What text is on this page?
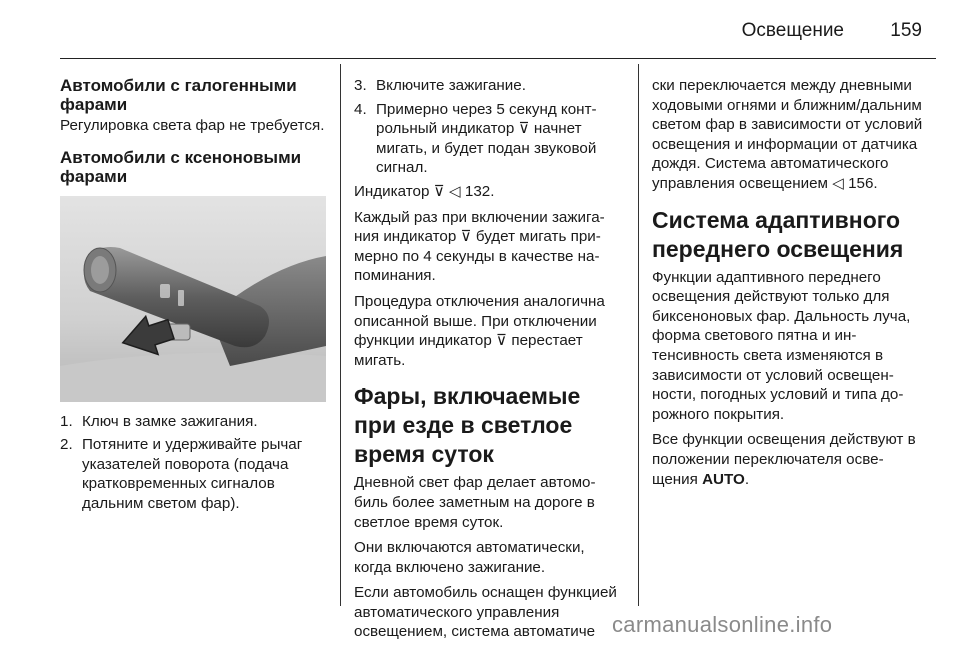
Освещение 159
Автомобили с галогенными фарами

Регулировка света фар не требуется.

Автомобили с ксеноновыми фарами
1. Ключ в замке зажигания.
2. Потяните и удерживайте рычаг указателей поворота (подача кратковременных сигналов дальним светом фар).
3. Включите зажигание.
4. Примерно через 5 секунд контрольный индикатор ⊽ начнет мигать, и будет подан звуковой сигнал.

Индикатор ⊽ ◁ 132.

Каждый раз при включении зажигания индикатор ⊽ будет мигать примерно по 4 секунды в качестве напоминания.

Процедура отключения аналогична описанной выше. При отключении функции индикатор ⊽ перестает мигать.

Фары, включаемые при езде в светлое время суток

Дневной свет фар делает автомобиль более заметным на дороге в светлое время суток.

Они включаются автоматически, когда включено зажигание.

Если автомобиль оснащен функцией автоматического управления освещением, система автоматиче

ски переключается между дневными ходовыми огнями и ближним/дальним светом фар в зависимости от условий освещения и информации от датчика дождя. Система автоматического управления освещением ◁ 156.

Система адаптивного переднего освещения

Функции адаптивного переднего освещения действуют только для биксеноновых фар. Дальность луча, форма светового пятна и интенсивность света изменяются в зависимости от условий освещенности, погодных условий и типа дорожного покрытия.

Все функции освещения действуют в положении переключателя освещения AUTO.

carmanualsonline.info
